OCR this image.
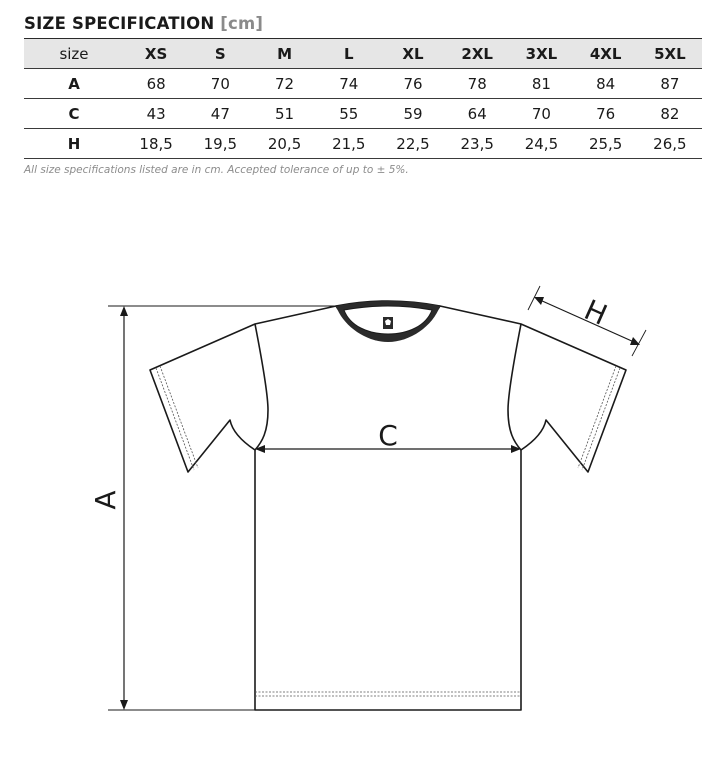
SIZE SPECIFICATION [cm]
size	XS	S	M	L	XL	2XL	3XL	4XL	5XL
A	68	70	72	74	76	78	81	84	87
C	43	47	51	55	59	64	70	76	82
H	18,5	19,5	20,5	21,5	22,5	23,5	24,5	25,5	26,5
All size specifications listed are in cm. Accepted tolerance of up to ± 5%.
A
C
H
